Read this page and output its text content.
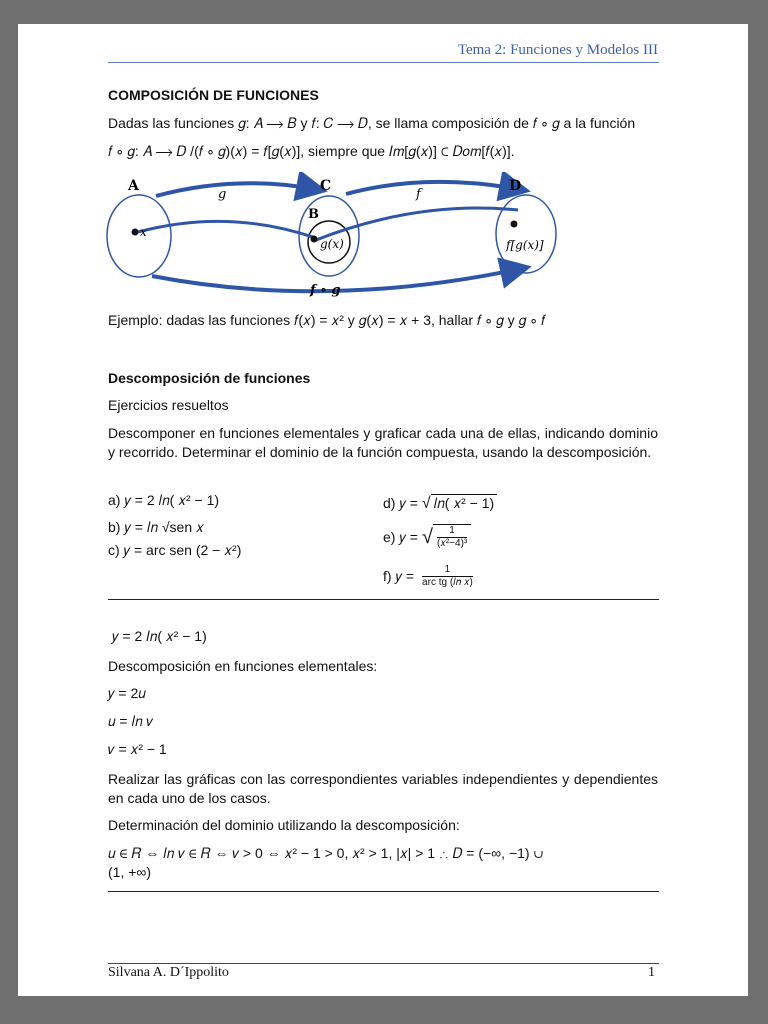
Tema 2: Funciones y Modelos III
COMPOSICIÓN DE FUNCIONES
Dadas las funciones 𝑔: 𝐴 ⟶ 𝐵 y 𝑓: 𝐶 ⟶ 𝐷, se llama composición de 𝑓 ∘ 𝑔 a la función
𝑓 ∘ 𝑔: 𝐴 ⟶ 𝐷 /(𝑓 ∘ 𝑔)(𝑥) = 𝑓[𝑔(𝑥)], siempre que 𝐼𝑚[𝑔(𝑥)] ⊂ 𝐷𝑜𝑚[𝑓(𝑥)].
A	C
B
D
𝑔	𝑓
𝑥
𝑔(𝑥)	𝑓[𝑔(𝑥)]
𝒇 ∘ 𝒈
Ejemplo: dadas las funciones 𝑓(𝑥) = 𝑥² y 𝑔(𝑥) = 𝑥 + 3, hallar 𝑓 ∘ 𝑔 y 𝑔 ∘ 𝑓
Descomposición de funciones
Ejercicios resueltos
Descomponer en funciones elementales y graficar cada una de ellas, indicando dominio y recorrido. Determinar el dominio de la función compuesta, usando la descomposición.
a) 𝑦 = 2 𝑙𝑛( 𝑥² − 1)
b) 𝑦 = 𝑙𝑛 √sen 𝑥
c) 𝑦 = arc sen (2 − 𝑥²)
d) 𝑦 = √ 𝑙𝑛( 𝑥² − 1)
e) 𝑦 = √ 1
(𝑥²−4)³
f) 𝑦 =	1
arc tg (𝑙𝑛 𝑥)
𝑦 = 2 𝑙𝑛( 𝑥² − 1)
Descomposición en funciones elementales:
𝑦 = 2𝑢
𝑢 = 𝑙𝑛 𝑣
𝑣 = 𝑥² − 1
Realizar las gráficas con las correspondientes variables independientes y dependientes en cada uno de los casos.
Determinación del dominio utilizando la descomposición:
𝑢 ∈ 𝑅 ⇔ 𝑙𝑛 𝑣 ∈ 𝑅 ⇔ 𝑣 > 0 ⇔ 𝑥² − 1 > 0, 𝑥² > 1, |𝑥| > 1 ∴ 𝐷 = (−∞, −1) ∪
(1, +∞)
Silvana A. D´Ippolito	1
